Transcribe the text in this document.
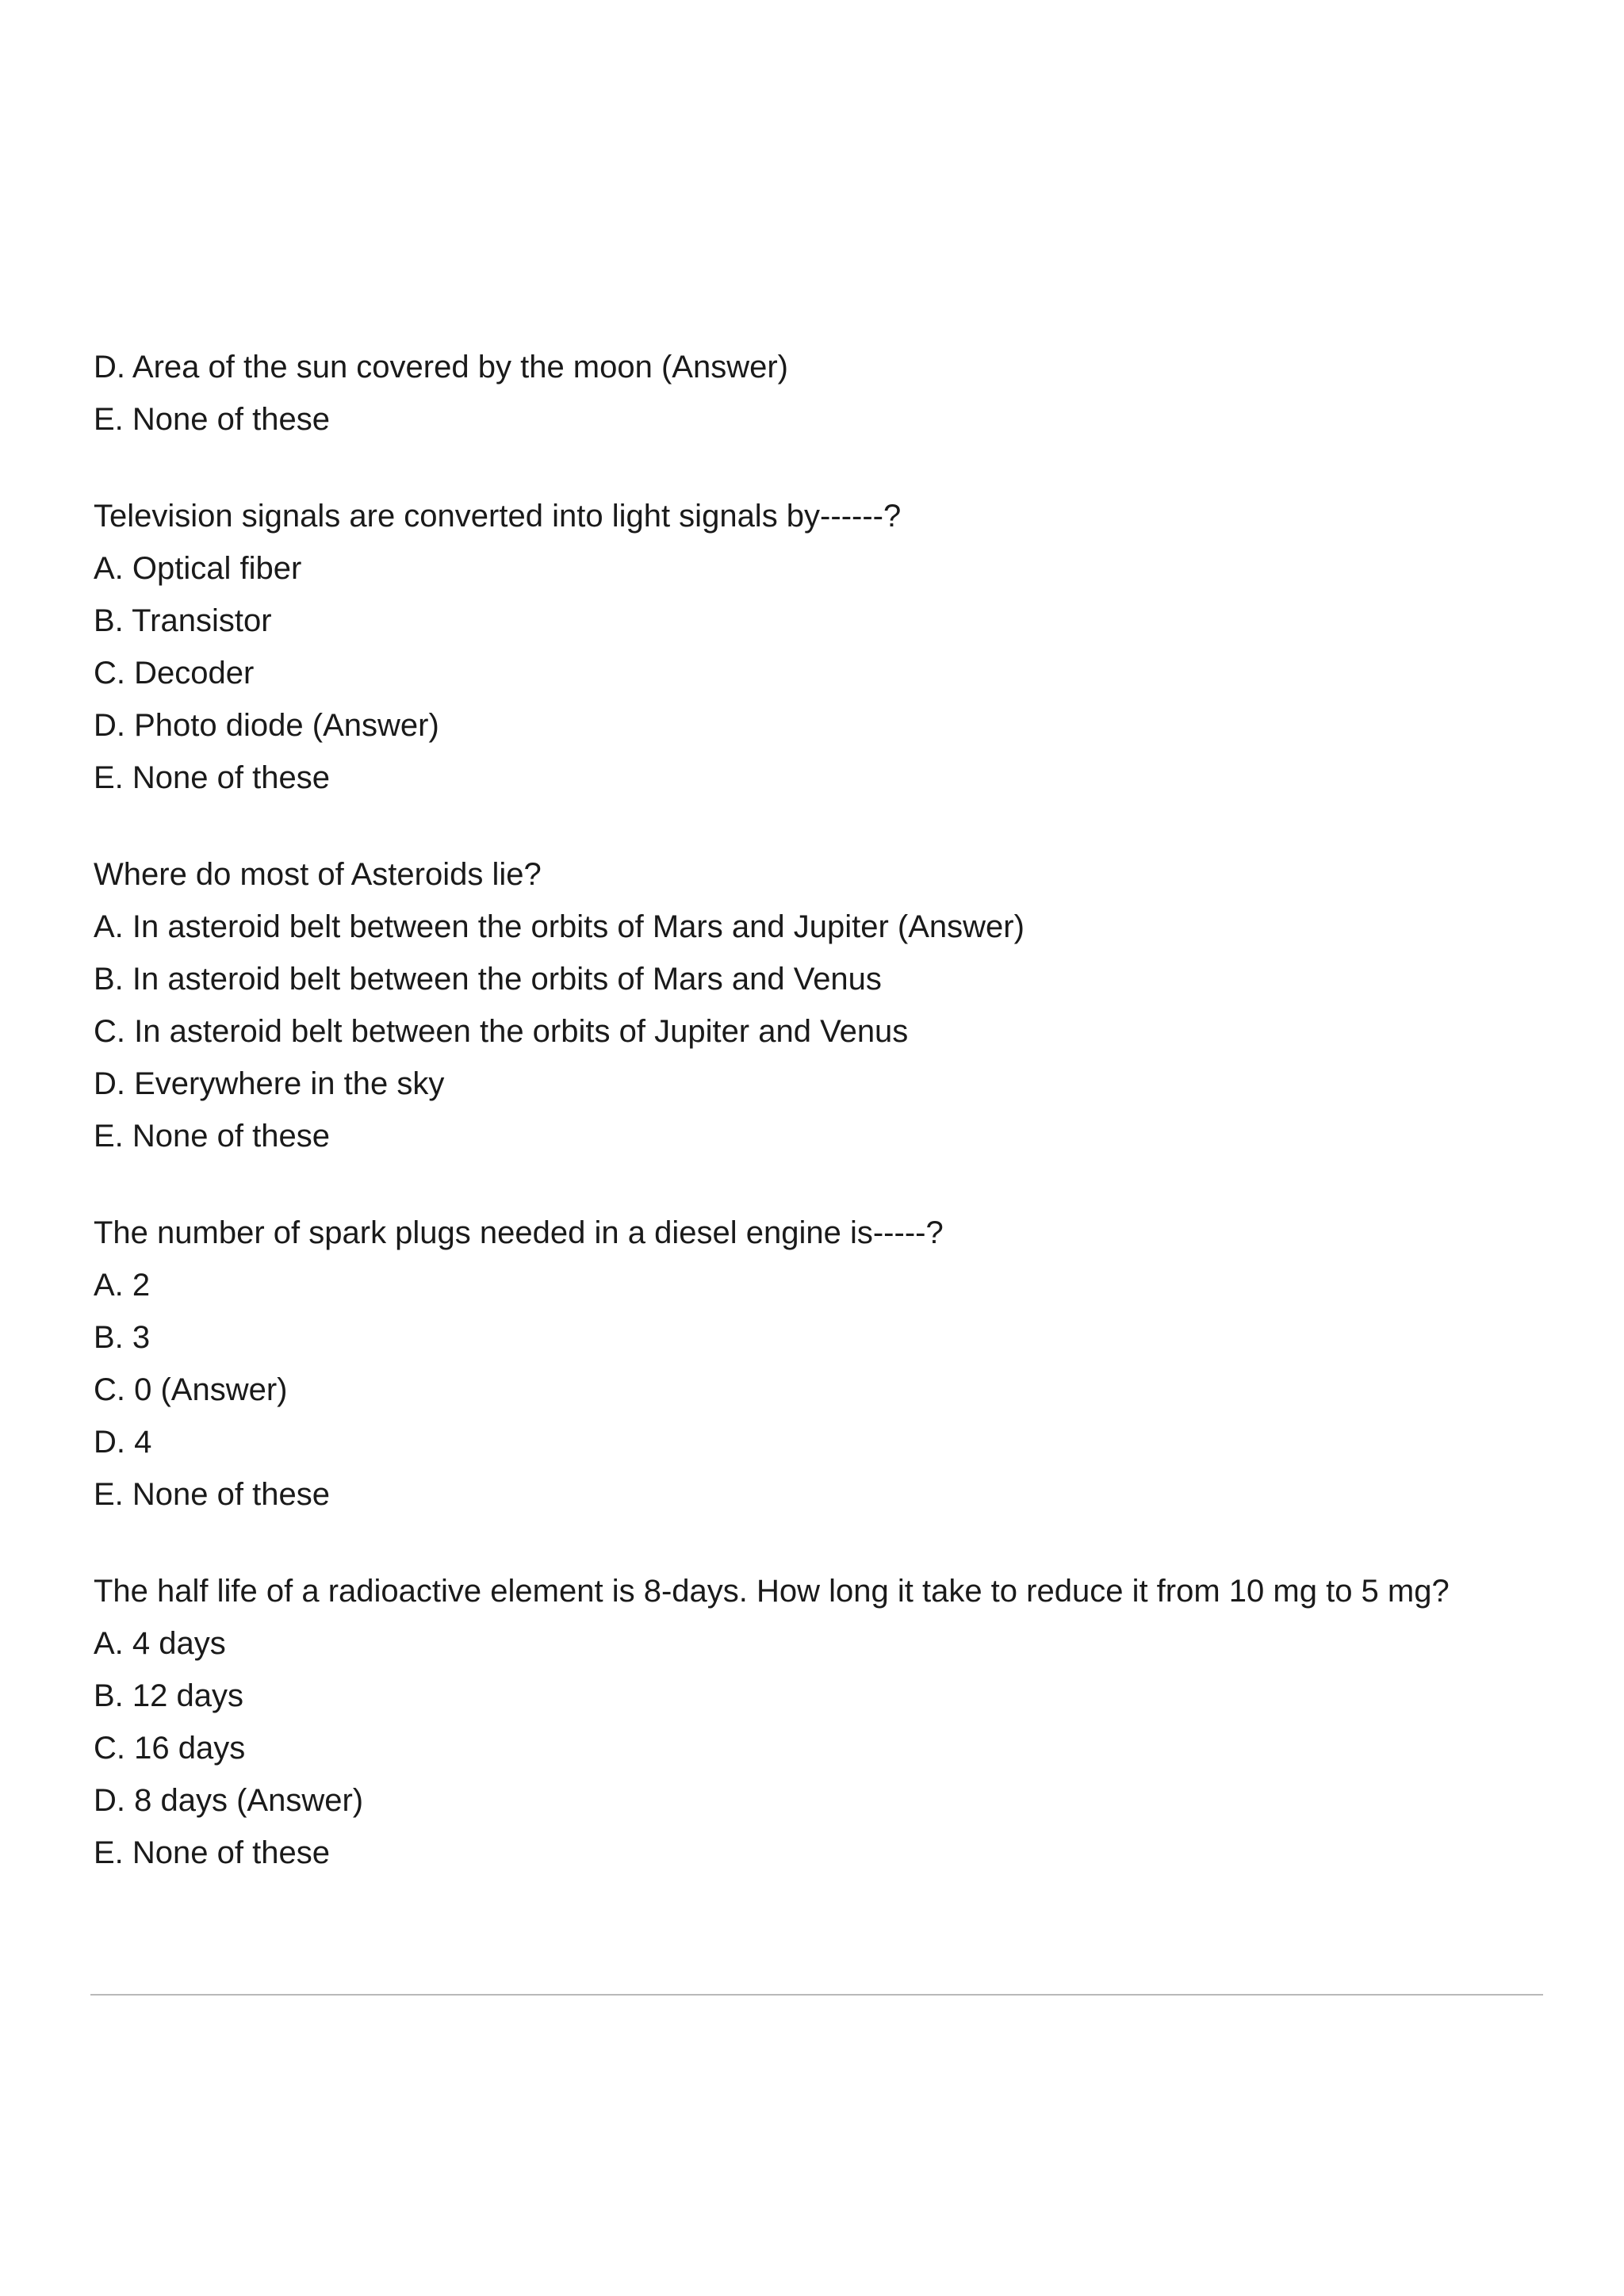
D. Area of the sun covered by the moon (Answer)
E. None of these
Television signals are converted into light signals by------?
A. Optical fiber
B. Transistor
C. Decoder
D. Photo diode (Answer)
E. None of these
Where do most of Asteroids lie?
A. In asteroid belt between the orbits of Mars and Jupiter (Answer)
B. In asteroid belt between the orbits of Mars and Venus
C. In asteroid belt between the orbits of Jupiter and Venus
D. Everywhere in the sky
E. None of these
The number of spark plugs needed in a diesel engine is-----?
A. 2
B. 3
C. 0 (Answer)
D. 4
E. None of these
The half life of a radioactive element is 8-days. How long it take to reduce it from 10 mg to 5 mg?
A. 4 days
B. 12 days
C. 16 days
D. 8 days (Answer)
E. None of these
